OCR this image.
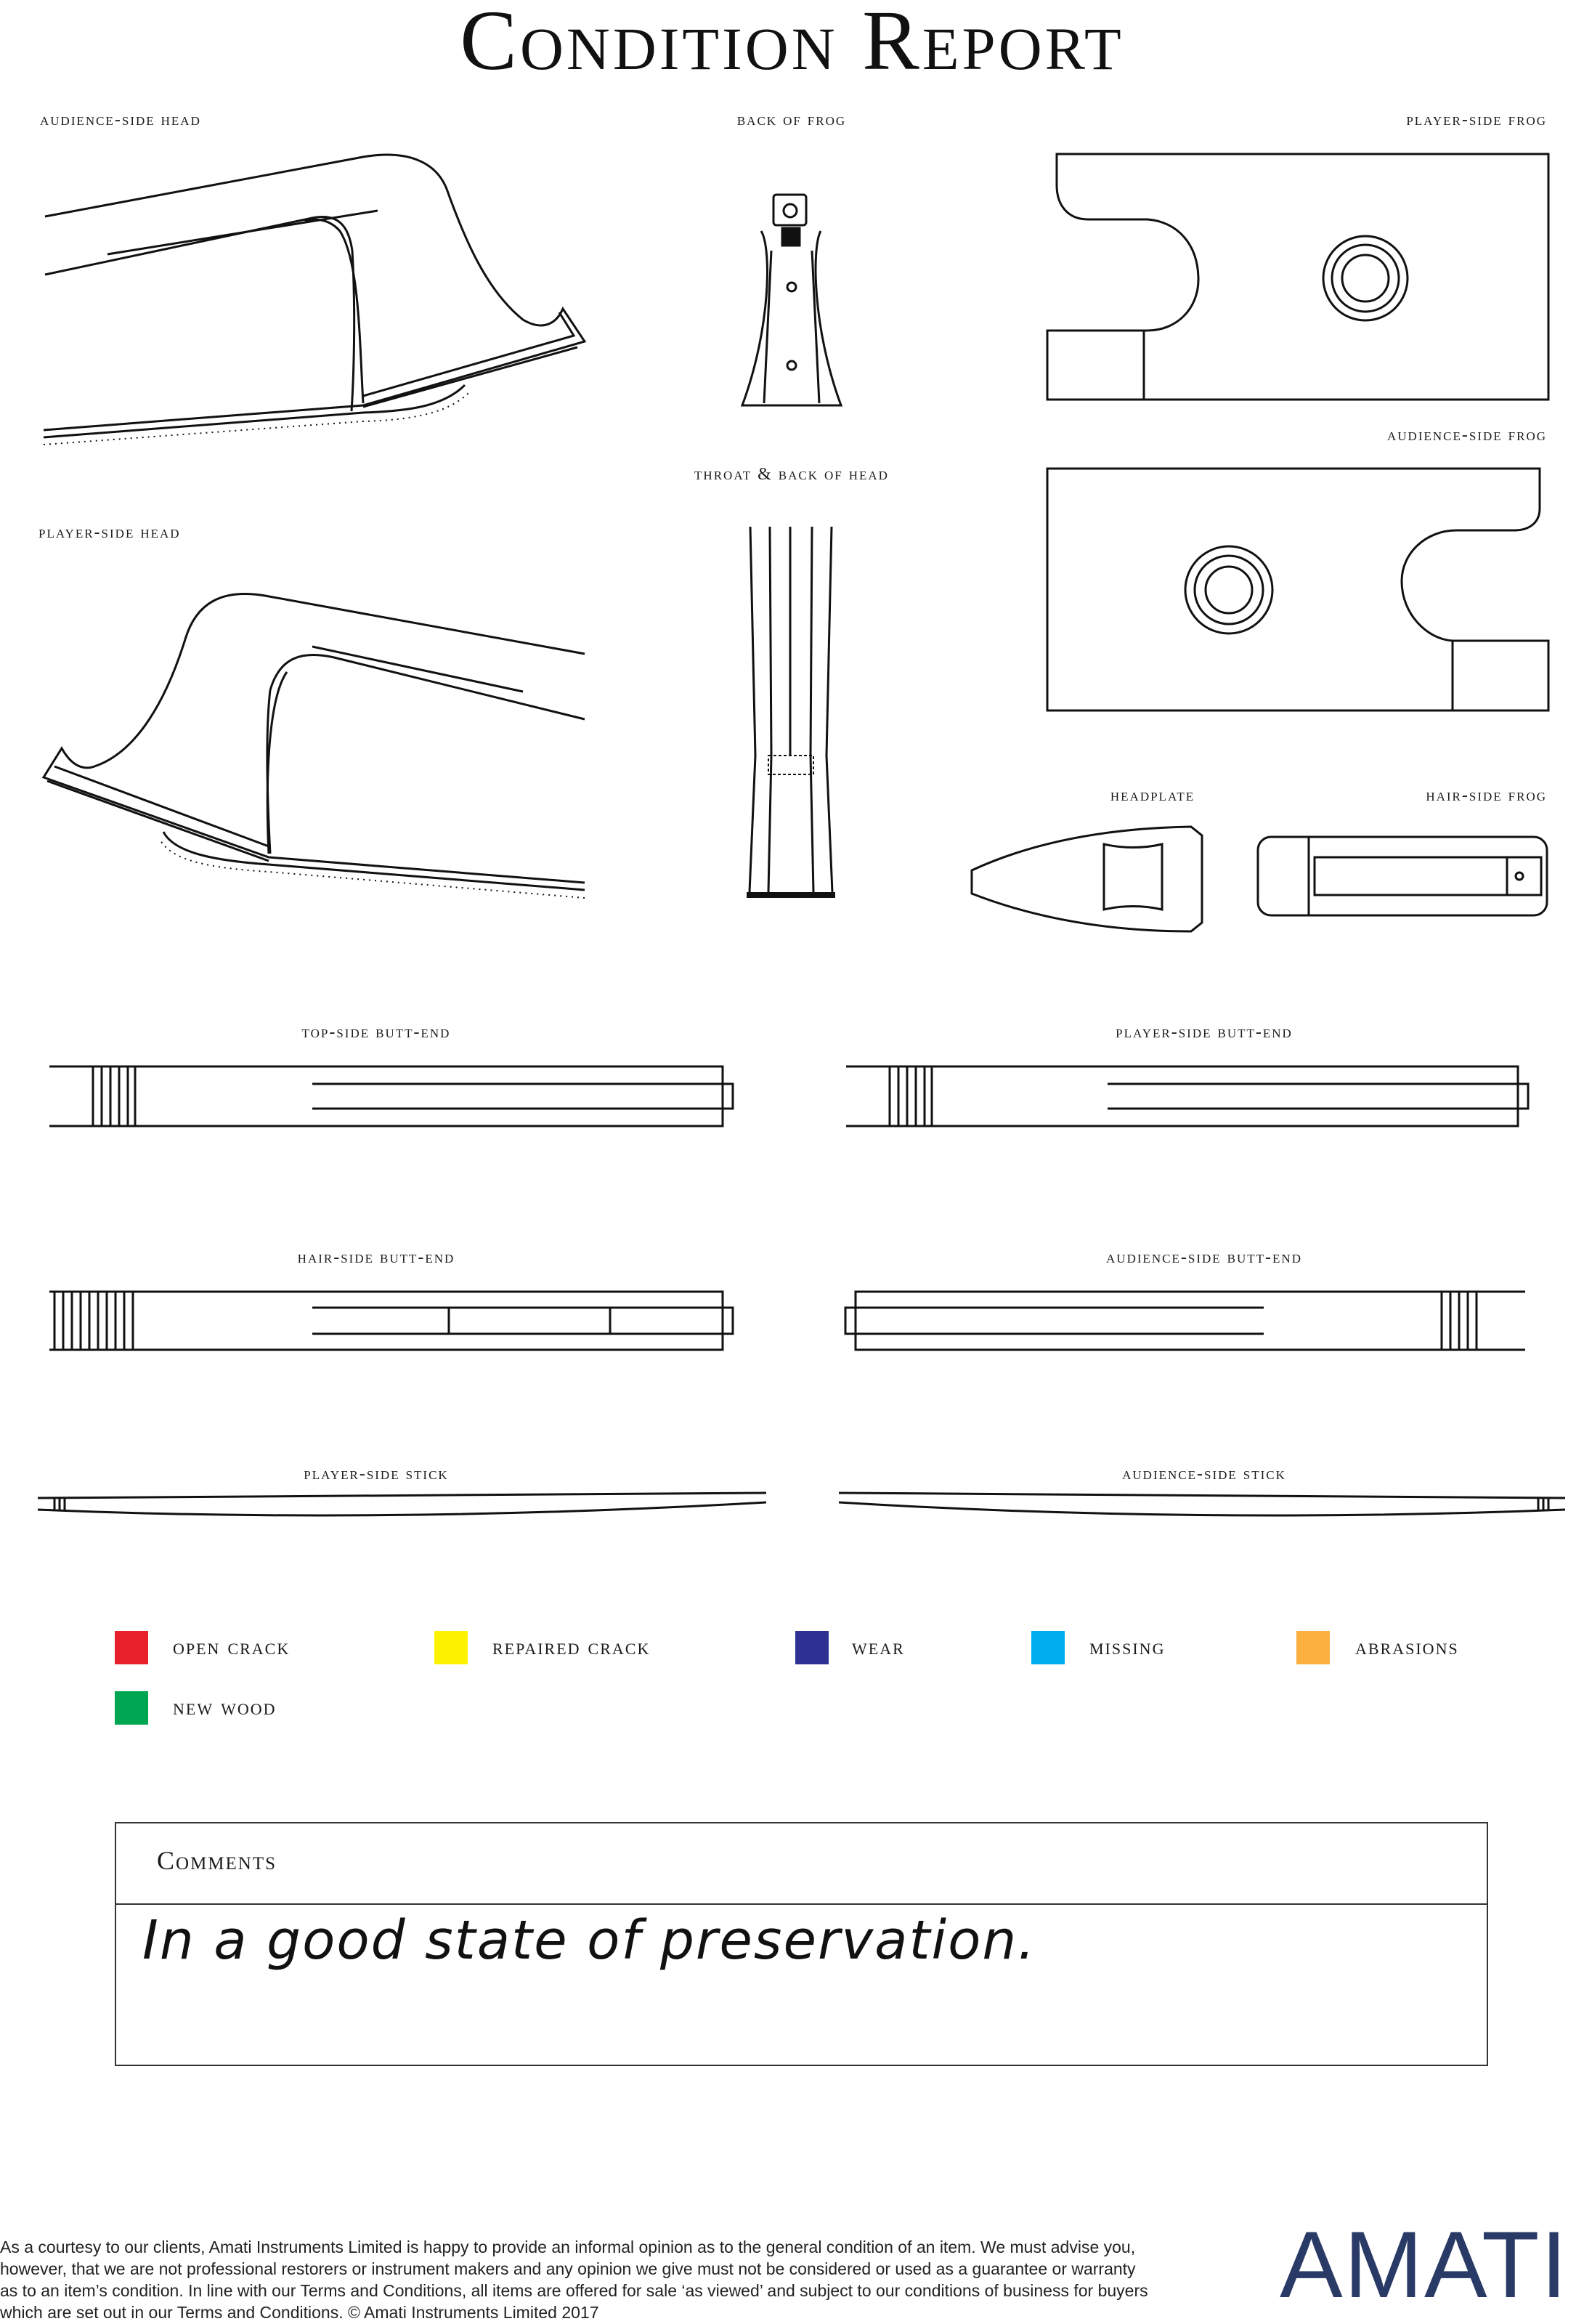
Condition Report
audience-side head	back of frog	player-side frog
audience-side frog
throat & back of head
player-side head
headplate	hair-side frog
top-side butt-end	player-side butt-end
hair-side butt-end	audience-side butt-end
player-side stick	audience-side stick
open crack	repaired crack	wear	missing	abrasions
new wood
Comments
In a good state of preservation.
As a courtesy to our clients, Amati Instruments Limited is happy to provide an informal opinion as to the general condition of an item. We must advise you, however, that we are not professional restorers or instrument makers and any opinion we give must not be considered or used as a guarantee or warranty as to an item’s condition. In line with our Terms and Conditions, all items are offered for sale ‘as viewed’ and subject to our conditions of business for buyers which are set out in our Terms and Conditions. © Amati Instruments Limited 2017	AMATI
